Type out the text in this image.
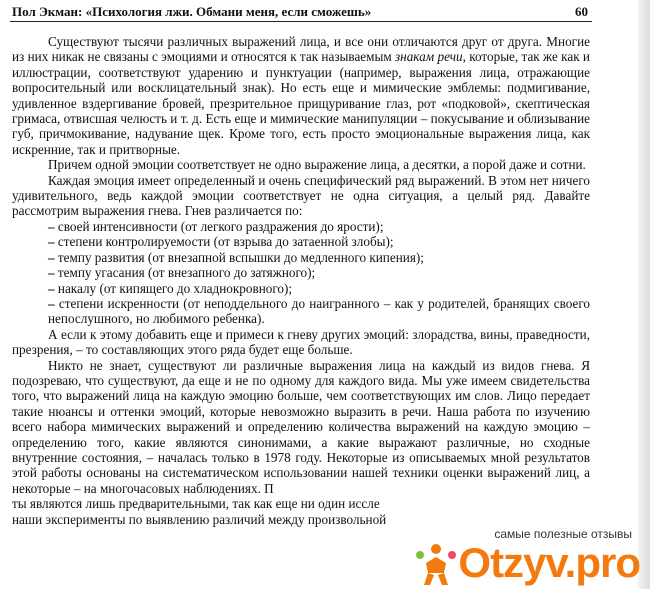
Пол Экман: «Психология лжи. Обмани меня, если сможешь»	60

Существуют тысячи различных выражений лица, и все они отличаются друг от друга. Многие из них никак не связаны с эмоциями и относятся к так называемым знакам речи, которые, так же как и иллюстрации, соответствуют ударению и пунктуации (например, выражения лица, отражающие вопросительный или восклицательный знак). Но есть еще и мимические эмблемы: подмигивание, удивленное вздергивание бровей, презрительное прищуривание глаз, рот «подковой», скептическая гримаса, отвисшая челюсть и т. д. Есть еще и мимические манипуляции – покусывание и облизывание губ, причмокивание, надувание щек. Кроме того, есть просто эмоциональные выражения лица, как искренние, так и притворные.

Причем одной эмоции соответствует не одно выражение лица, а десятки, а порой даже и сотни.

Каждая эмоция имеет определенный и очень специфический ряд выражений. В этом нет ничего удивительного, ведь каждой эмоции соответствует не одна ситуация, а целый ряд. Давайте рассмотрим выражения гнева. Гнев различается по:

– своей интенсивности (от легкого раздражения до ярости);
– степени контролируемости (от взрыва до затаенной злобы);
– темпу развития (от внезапной вспышки до медленного кипения);
– темпу угасания (от внезапного до затяжного);
– накалу (от кипящего до хладнокровного);
– степени искренности (от неподдельного до наигранного – как у родителей, бранящих своего непослушного, но любимого ребенка).

А если к этому добавить еще и примеси к гневу других эмоций: злорадства, вины, праведности, презрения, – то составляющих этого ряда будет еще больше.

Никто не знает, существуют ли различные выражения лица на каждый из видов гнева. Я подозреваю, что существуют, да еще и не по одному для каждого вида. Мы уже имеем свидетельства того, что выражений лица на каждую эмоцию больше, чем соответствующих им слов. Лицо передает такие нюансы и оттенки эмоций, которые невозможно выразить в речи. Наша работа по изучению всего набора мимических выражений и определению количества выражений на каждую эмоцию – определению того, какие являются синонимами, а какие выражают различные, но сходные внутренние состояния, – началась только в 1978 году. Некоторые из описываемых мной результатов этой работы основаны на систематическом использовании нашей техники оценки выражений лиц, а некоторые – на многочасовых наблюдениях. П

ты являются лишь предварительными, так как еще ни один иссле

наши эксперименты по выявлению различий между произвольной

самые полезные отзывы
Otzyv.pro
